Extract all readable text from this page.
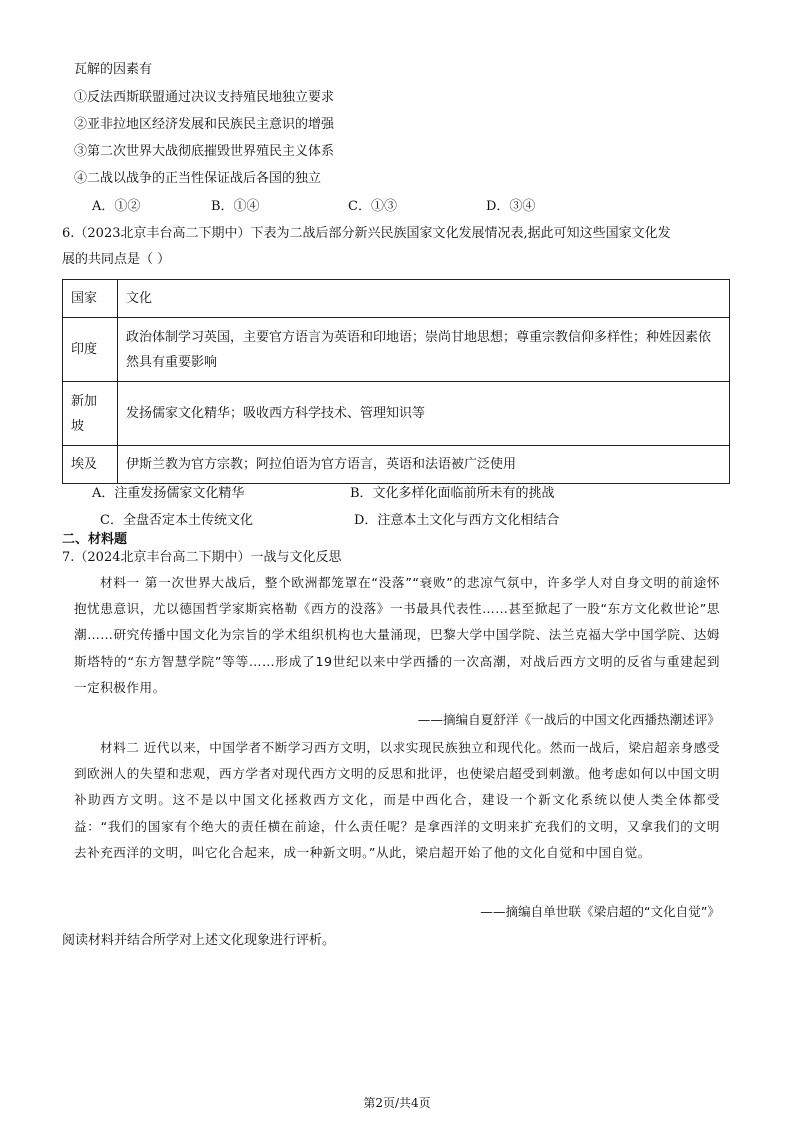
瓦解的因素有
①反法西斯联盟通过决议支持殖民地独立要求
②亚非拉地区经济发展和民族民主意识的增强
③第二次世界大战彻底摧毁世界殖民主义体系
④二战以战争的正当性保证战后各国的独立
A．①②	B．①④	C．①③	D．③④
6.（2023北京丰台高二下期中）下表为二战后部分新兴民族国家文化发展情况表,据此可知这些国家文化发
展的共同点是（ ）
国家	文化
印度	政治体制学习英国，主要官方语言为英语和印地语；崇尚甘地思想；尊重宗教信仰多样性；种姓因素依然具有重要影响
新加坡	发扬儒家文化精华；吸收西方科学技术、管理知识等
埃及	伊斯兰教为官方宗教；阿拉伯语为官方语言，英语和法语被广泛使用
A．注重发扬儒家文化精华	B．文化多样化面临前所未有的挑战
C．全盘否定本土传统文化	D．注意本土文化与西方文化相结合
二、材料题
7.（2024北京丰台高二下期中）一战与文化反思
材料一 第一次世界大战后，整个欧洲都笼罩在“没落”“衰败”的悲凉气氛中，许多学人对自身文明的前途怀抱忧患意识，尤以德国哲学家斯宾格勒《西方的没落》一书最具代表性……甚至掀起了一股“东方文化救世论”思潮……研究传播中国文化为宗旨的学术组织机构也大量涌现，巴黎大学中国学院、法兰克福大学中国学院、达姆斯塔特的“东方智慧学院”等等……形成了19世纪以来中学西播的一次高潮，对战后西方文明的反省与重建起到一定积极作用。
——摘编自夏舒洋《一战后的中国文化西播热潮述评》
材料二 近代以来，中国学者不断学习西方文明，以求实现民族独立和现代化。然而一战后，梁启超亲身感受到欧洲人的失望和悲观，西方学者对现代西方文明的反思和批评，也使梁启超受到刺激。他考虑如何以中国文明补助西方文明。这不是以中国文化拯救西方文化，而是中西化合，建设一个新文化系统以使人类全体都受益：“我们的国家有个绝大的责任横在前途，什么责任呢？是拿西洋的文明来扩充我们的文明，又拿我们的文明去补充西洋的文明，叫它化合起来，成一种新文明。”从此，梁启超开始了他的文化自觉和中国自觉。
——摘编自单世联《梁启超的“文化自觉”》
阅读材料并结合所学对上述文化现象进行评析。
第2页/共4页
